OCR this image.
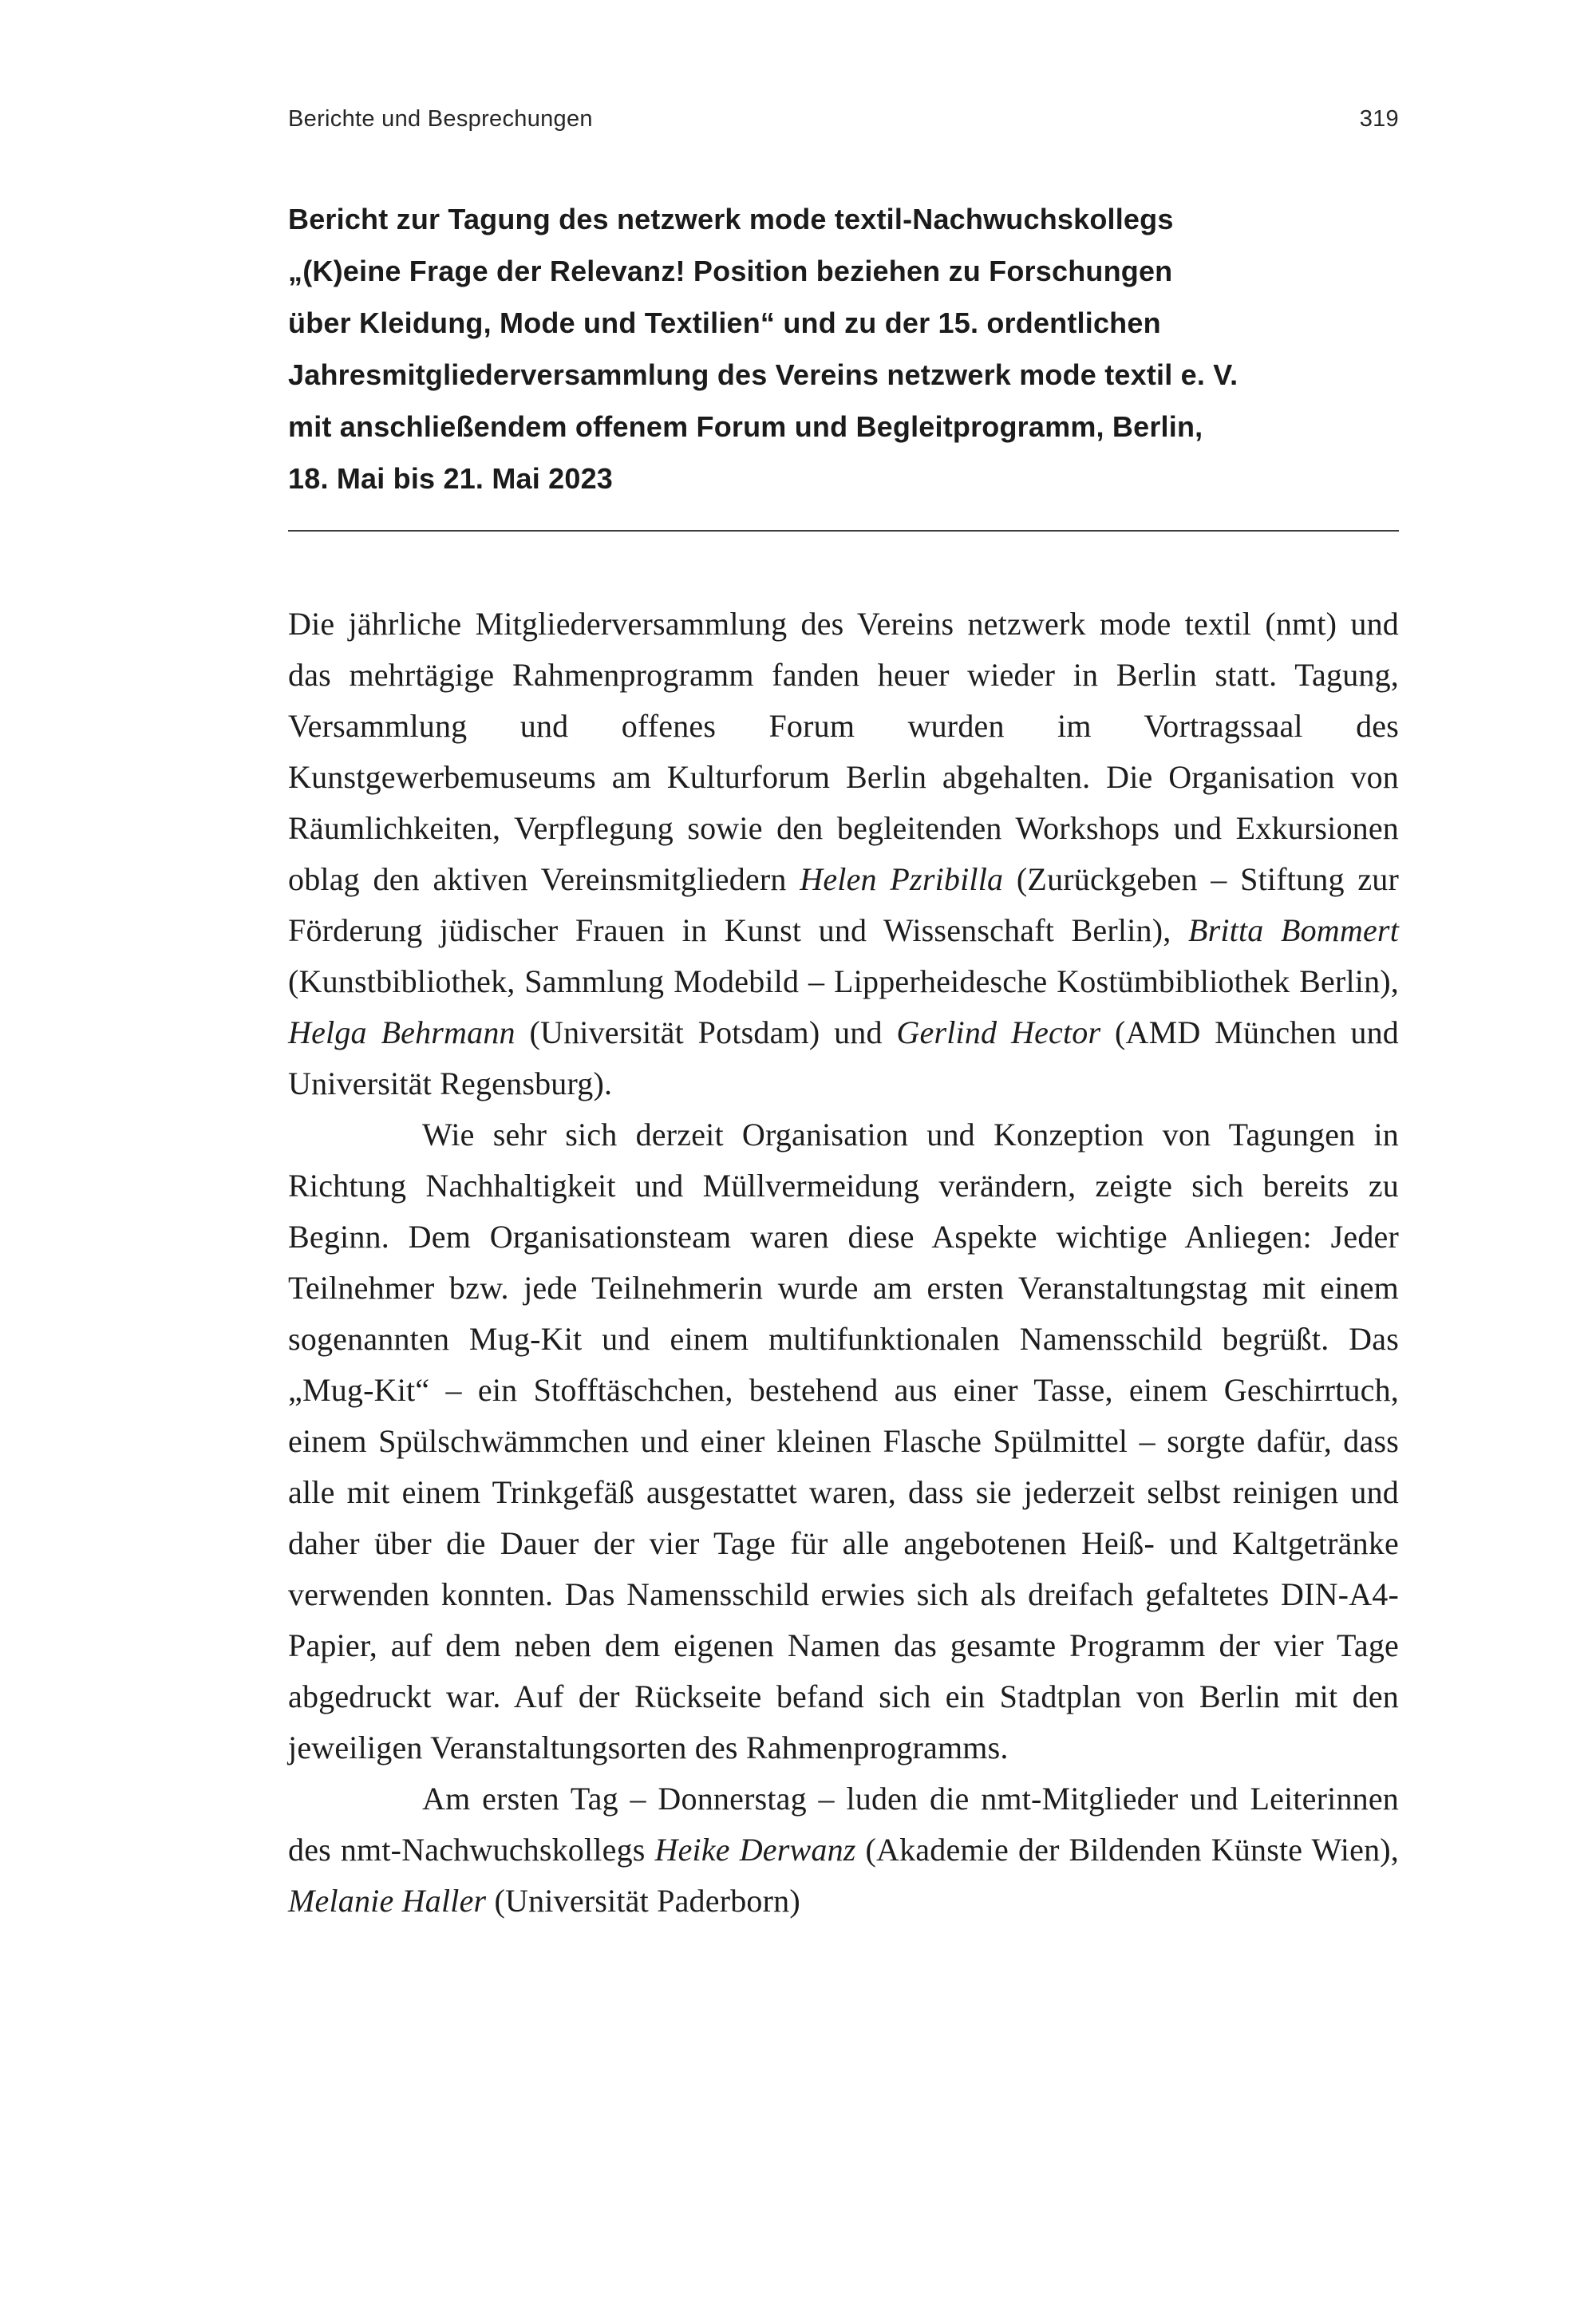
Berichte und Besprechungen	319
Bericht zur Tagung des netzwerk mode textil-Nachwuchskollegs
„(K)eine Frage der Relevanz! Position beziehen zu Forschungen
über Kleidung, Mode und Textilien“ und zu der 15. ordentlichen
Jahresmitgliederversammlung des Vereins netzwerk mode textil e. V.
mit anschließendem offenem Forum und Begleitprogramm, Berlin,
18. Mai bis 21. Mai 2023

Die jährliche Mitgliederversammlung des Vereins netzwerk mode textil (nmt) und das mehrtägige Rahmenprogramm fanden heuer wieder in Berlin statt. Tagung, Versammlung und offenes Forum wurden im Vortragssaal des Kunstgewerbemuseums am Kulturforum Berlin abgehalten. Die Organisation von Räumlichkeiten, Verpflegung sowie den begleitenden Workshops und Exkursionen oblag den aktiven Vereinsmitgliedern Helen Pzribilla (Zurückgeben – Stiftung zur Förderung jüdischer Frauen in Kunst und Wissenschaft Berlin), Britta Bommert (Kunstbibliothek, Sammlung Modebild – Lipperheidesche Kostümbibliothek Berlin), Helga Behrmann (Universität Potsdam) und Gerlind Hector (AMD München und Universität Regensburg).

Wie sehr sich derzeit Organisation und Konzeption von Tagungen in Richtung Nachhaltigkeit und Müllvermeidung verändern, zeigte sich bereits zu Beginn. Dem Organisationsteam waren diese Aspekte wichtige Anliegen: Jeder Teilnehmer bzw. jede Teilnehmerin wurde am ersten Veranstaltungstag mit einem sogenannten Mug-Kit und einem multifunktionalen Namensschild begrüßt. Das „Mug-Kit“ – ein Stofftäschchen, bestehend aus einer Tasse, einem Geschirrtuch, einem Spülschwämmchen und einer kleinen Flasche Spülmittel – sorgte dafür, dass alle mit einem Trinkgefäß ausgestattet waren, dass sie jederzeit selbst reinigen und daher über die Dauer der vier Tage für alle angebotenen Heiß- und Kaltgetränke verwenden konnten. Das Namensschild erwies sich als dreifach gefaltetes DIN-A4-Papier, auf dem neben dem eigenen Namen das gesamte Programm der vier Tage abgedruckt war. Auf der Rückseite befand sich ein Stadtplan von Berlin mit den jeweiligen Veranstaltungsorten des Rahmenprogramms.

Am ersten Tag – Donnerstag – luden die nmt-Mitglieder und Leiterinnen des nmt-Nachwuchskollegs Heike Derwanz (Akademie der Bildenden Künste Wien), Melanie Haller (Universität Paderborn)
